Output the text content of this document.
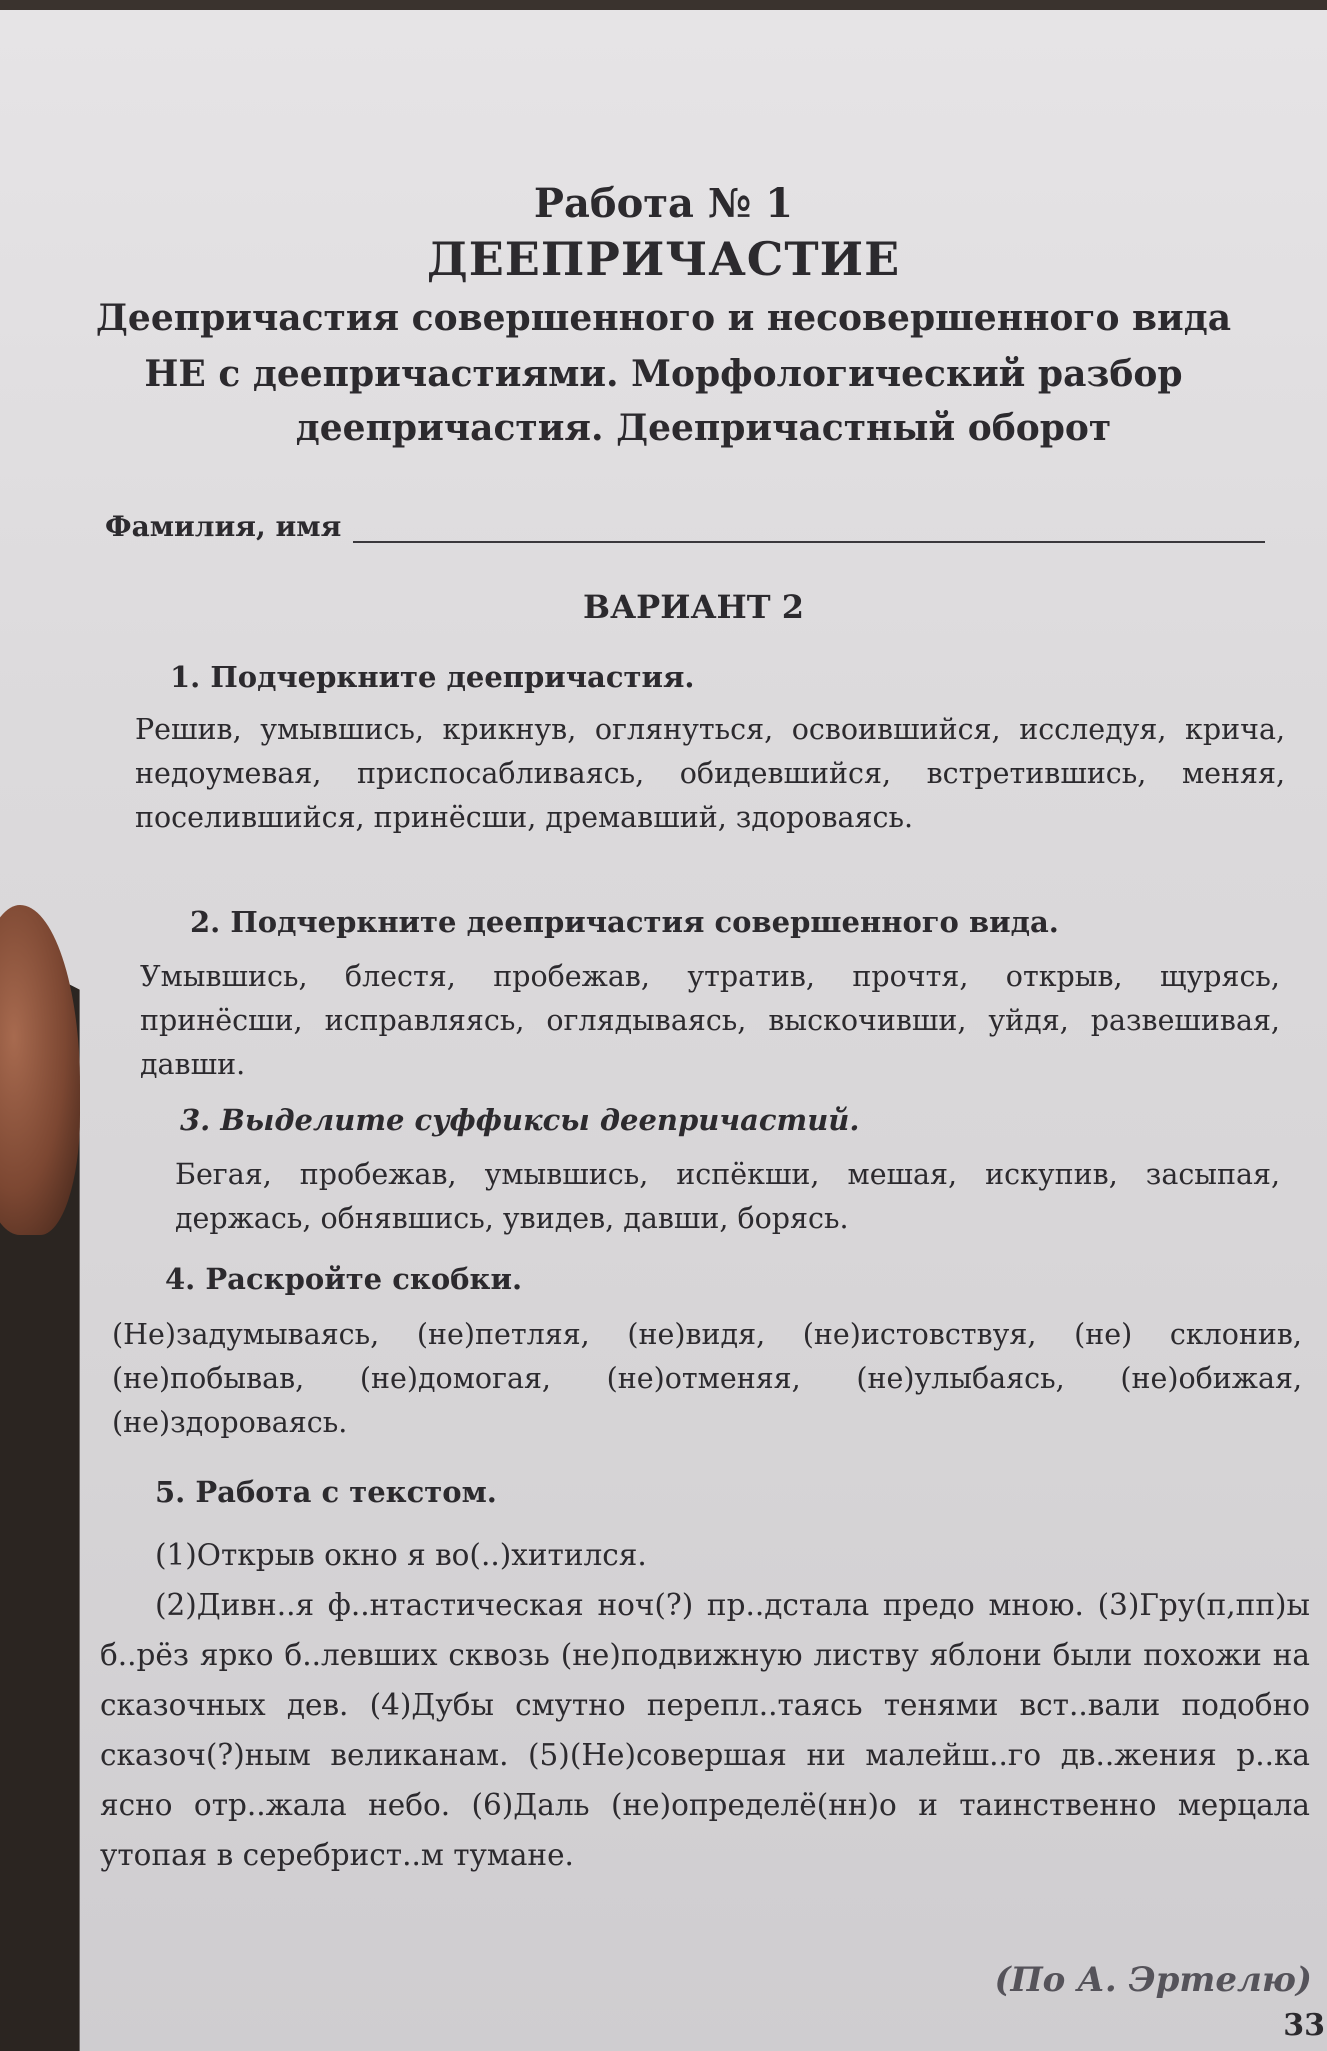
Работа № 1
ДЕЕПРИЧАСТИЕ
Деепричастия совершенного и несовершенного вида
НЕ с деепричастиями. Морфологический разбор
деепричастия. Деепричастный оборот
Фамилия, имя
ВАРИАНТ 2
1. Подчеркните деепричастия.
Решив, умывшись, крикнув, оглянуться, освоившийся, исследуя, крича, недоумевая, приспосабливаясь, обидевшийся, встретившись, меняя, поселившийся, принёсши, дремавший, здороваясь.
2. Подчеркните деепричастия совершенного вида.
Умывшись, блестя, пробежав, утратив, прочтя, открыв, щурясь, принёсши, исправляясь, оглядываясь, выскочивши, уйдя, развешивая, давши.
3. Выделите суффиксы деепричастий.
Бегая, пробежав, умывшись, испёкши, мешая, искупив, засыпая, держась, обнявшись, увидев, давши, борясь.
4. Раскройте скобки.
(Не)задумываясь, (не)петляя, (не)видя, (не)истовствуя, (не) склонив, (не)побывав, (не)домогая, (не)отменяя, (не)улыбаясь, (не)обижая, (не)здороваясь.
5. Работа с текстом.
(1)Открыв окно я во(..)хитился.
(2)Дивн..я ф..нтастическая ноч(?) пр..дстала предо мною. (3)Гру(п,пп)ы б..рёз ярко б..левших сквозь (не)подвижную листву яблони были похожи на сказочных дев. (4)Дубы смутно перепл..таясь тенями вст..вали подобно сказоч(?)ным великанам. (5)(Не)совершая ни малейш..го дв..жения р..ка ясно отр..жала небо. (6)Даль (не)определё(нн)о и таинственно мерцала утопая в серебрист..м тумане.
(По А. Эртелю)
33
